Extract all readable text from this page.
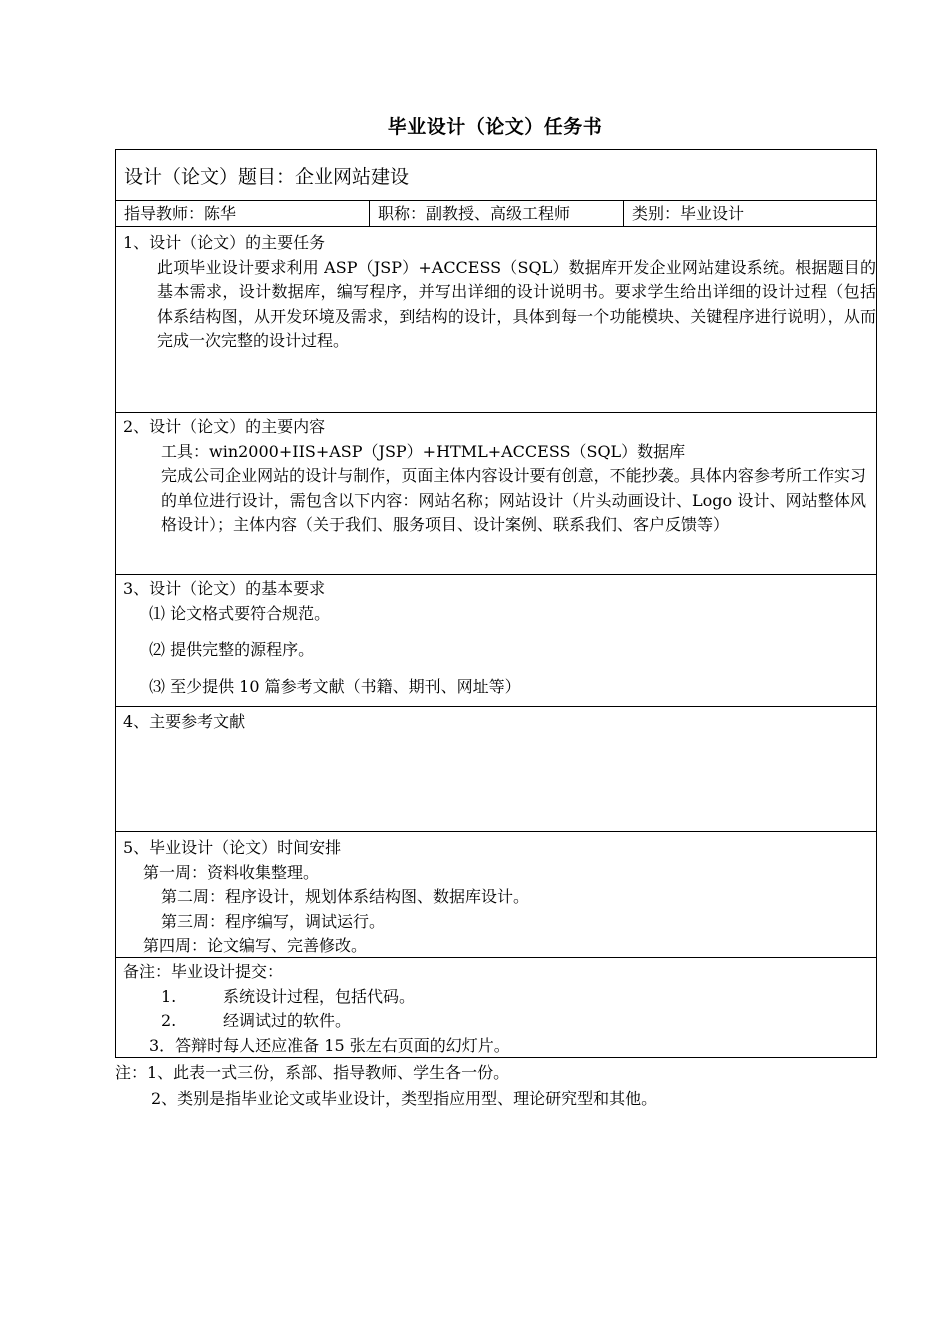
毕业设计（论文）任务书
设计（论文）题目：企业网站建设
指导教师：陈华	职称：副教授、高级工程师	类别：毕业设计
1、设计（论文）的主要任务
此项毕业设计要求利用 ASP（JSP）+ACCESS（SQL）数据库开发企业网站建设系统。根据题目的基本需求，设计数据库，编写程序，并写出详细的设计说明书。要求学生给出详细的设计过程（包括体系结构图，从开发环境及需求，到结构的设计，具体到每一个功能模块、关键程序进行说明），从而完成一次完整的设计过程。
2、设计（论文）的主要内容
工具：win2000+IIS+ASP（JSP）+HTML+ACCESS（SQL）数据库
完成公司企业网站的设计与制作，页面主体内容设计要有创意，不能抄袭。具体内容参考所工作实习的单位进行设计，需包含以下内容：网站名称；网站设计（片头动画设计、Logo 设计、网站整体风格设计）；主体内容（关于我们、服务项目、设计案例、联系我们、客户反馈等）
3、设计（论文）的基本要求
⑴ 论文格式要符合规范。
⑵ 提供完整的源程序。
⑶ 至少提供 10 篇参考文献（书籍、期刊、网址等）
4、主要参考文献
5、毕业设计（论文）时间安排
第一周：资料收集整理。
第二周：程序设计，规划体系结构图、数据库设计。
第三周：程序编写，调试运行。
第四周：论文编写、完善修改。
备注：毕业设计提交：
1.	系统设计过程，包括代码。
2.	经调试过的软件。
3．答辩时每人还应准备 15 张左右页面的幻灯片。
注：1、此表一式三份，系部、指导教师、学生各一份。
2、类别是指毕业论文或毕业设计，类型指应用型、理论研究型和其他。
